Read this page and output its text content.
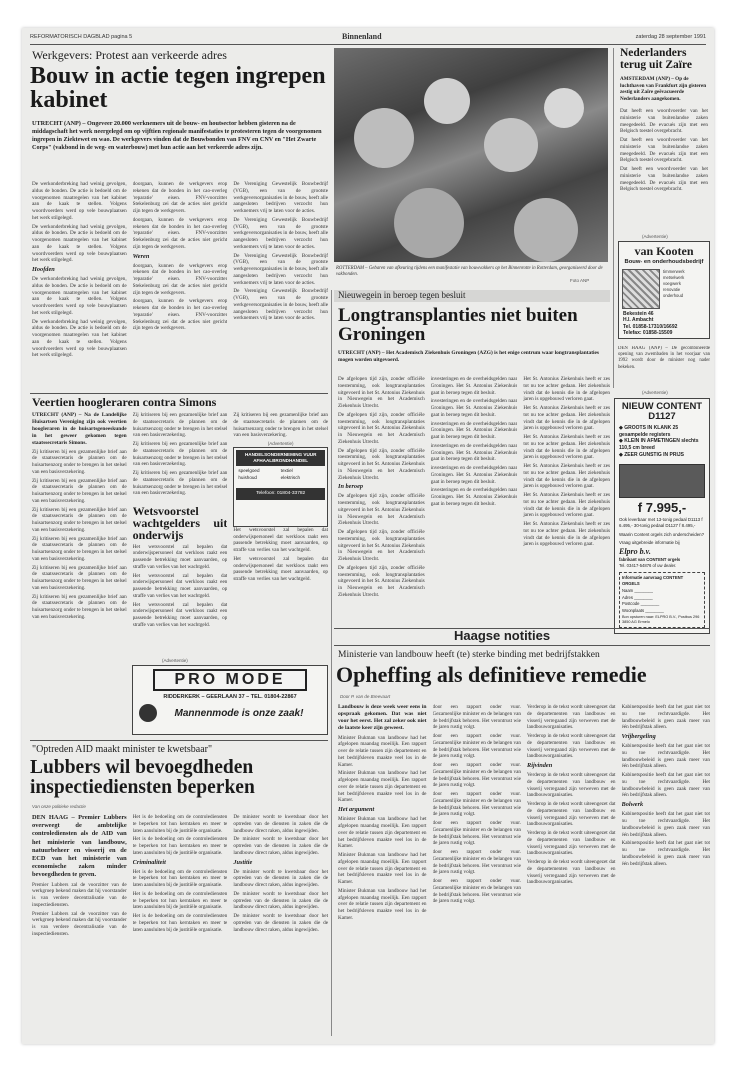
REFORMATORISCH DAGBLAD pagina 5	Binnenland	zaterdag 28 september 1991
Werkgevers: Protest aan verkeerde adres
Bouw in actie tegen ingrepen kabinet
UTRECHT (ANP) – Ongeveer 20.000 werknemers uit de bouw- en houtsector hebben gisteren na de middagschaft het werk neergelegd om op vijftien regionale manifestaties te protesteren tegen de voorgenomen ingrepen in Ziektewet en wao. De werkgevers vinden dat de Bouwbonden van FNV en CNV en "Het Zwarte Corps" (vakbond in de weg- en waterbouw) met hun actie aan het verkeerde adres zijn.

De werkonderbreking had weinig gevolgen, aldus de bonden. De actie is bedoeld om de voorgenomen maatregelen van het kabinet aan de kaak te stellen. Volgens woordvoerders werd op vele bouwplaatsen het werk stilgelegd.

De werkonderbreking had weinig gevolgen, aldus de bonden. De actie is bedoeld om de voorgenomen maatregelen van het kabinet aan de kaak te stellen. Volgens woordvoerders werd op vele bouwplaatsen het werk stilgelegd.

Hoofden

De werkonderbreking had weinig gevolgen, aldus de bonden. De actie is bedoeld om de voorgenomen maatregelen van het kabinet aan de kaak te stellen. Volgens woordvoerders werd op vele bouwplaatsen het werk stilgelegd.

De werkonderbreking had weinig gevolgen, aldus de bonden. De actie is bedoeld om de voorgenomen maatregelen van het kabinet aan de kaak te stellen. Volgens woordvoerders werd op vele bouwplaatsen het werk stilgelegd.

doorgaan, kunnen de werkgevers erop rekenen dat de bonden in het cao-overleg 'reparatie' eisen. FNV-voorzitter Stekelenburg zei dat de acties niet gericht zijn tegen de werkgevers.

doorgaan, kunnen de werkgevers erop rekenen dat de bonden in het cao-overleg 'reparatie' eisen. FNV-voorzitter Stekelenburg zei dat de acties niet gericht zijn tegen de werkgevers.

Weren

doorgaan, kunnen de werkgevers erop rekenen dat de bonden in het cao-overleg 'reparatie' eisen. FNV-voorzitter Stekelenburg zei dat de acties niet gericht zijn tegen de werkgevers.

doorgaan, kunnen de werkgevers erop rekenen dat de bonden in het cao-overleg 'reparatie' eisen. FNV-voorzitter Stekelenburg zei dat de acties niet gericht zijn tegen de werkgevers.

De Vereniging Gewestelijk Bouwbedrijf (VGB), een van de grootste werkgeversorganisaties in de bouw, heeft alle aangesloten bedrijven verzocht hun werknemers vrij te laten voor de acties.

De Vereniging Gewestelijk Bouwbedrijf (VGB), een van de grootste werkgeversorganisaties in de bouw, heeft alle aangesloten bedrijven verzocht hun werknemers vrij te laten voor de acties.

De Vereniging Gewestelijk Bouwbedrijf (VGB), een van de grootste werkgeversorganisaties in de bouw, heeft alle aangesloten bedrijven verzocht hun werknemers vrij te laten voor de acties.

De Vereniging Gewestelijk Bouwbedrijf (VGB), een van de grootste werkgeversorganisaties in de bouw, heeft alle aangesloten bedrijven verzocht hun werknemers vrij te laten voor de acties.

ROTTERDAM – Gebaren van afkeuring tijdens een manifestatie van bouwvakkers op het Binnenrotte in Rotterdam, georganiseerd door de vakbonden.
Foto ANP
Nederlanders terug uit Zaïre
AMSTERDAM (ANP) – Op de luchthaven van Frankfurt zijn gisteren zestig uit Zaïre geëvacueerde Nederlanders aangekomen.

Dat heeft een woordvoerder van het ministerie van buitenlandse zaken meegedeeld. De evacués zijn met een Belgisch toestel overgebracht.

Dat heeft een woordvoerder van het ministerie van buitenlandse zaken meegedeeld. De evacués zijn met een Belgisch toestel overgebracht.

Dat heeft een woordvoerder van het ministerie van buitenlandse zaken meegedeeld. De evacués zijn met een Belgisch toestel overgebracht.

(Advertentie)
van Kooten
Bouw- en onderhoudsbedrijf
timmerwerk
metselwerk
voegwerk
renovatie
onderhoud
Bekestein 46
H.I. Ambacht
Tel. 01858-17310/16692
Telefax: 01858-15509
DEN HAAG (ANP) – De gecombineerde opening van zwembaden in het voorjaar van 1992 wordt door de minister nog nader bekeken.
Nieuwegein in beroep tegen besluit
Longtransplanties niet buiten Groningen
UTRECHT (ANP) – Het Academisch Ziekenhuis Groningen (AZG) is het enige centrum waar longtransplantaties mogen worden uitgevoerd.

De afgelopen tijd zijn, zonder officiële toestemming, ook longtransplantaties uitgevoerd in het St. Antonius Ziekenhuis in Nieuwegein en het Academisch Ziekenhuis Utrecht.

De afgelopen tijd zijn, zonder officiële toestemming, ook longtransplantaties uitgevoerd in het St. Antonius Ziekenhuis in Nieuwegein en het Academisch Ziekenhuis Utrecht.

De afgelopen tijd zijn, zonder officiële toestemming, ook longtransplantaties uitgevoerd in het St. Antonius Ziekenhuis in Nieuwegein en het Academisch Ziekenhuis Utrecht.

In beroep

De afgelopen tijd zijn, zonder officiële toestemming, ook longtransplantaties uitgevoerd in het St. Antonius Ziekenhuis in Nieuwegein en het Academisch Ziekenhuis Utrecht.

De afgelopen tijd zijn, zonder officiële toestemming, ook longtransplantaties uitgevoerd in het St. Antonius Ziekenhuis in Nieuwegein en het Academisch Ziekenhuis Utrecht.

De afgelopen tijd zijn, zonder officiële toestemming, ook longtransplantaties uitgevoerd in het St. Antonius Ziekenhuis in Nieuwegein en het Academisch Ziekenhuis Utrecht.

investeringen en de overheidsgelden naar Groningen. Het St. Antonius Ziekenhuis gaat in beroep tegen dit besluit.

investeringen en de overheidsgelden naar Groningen. Het St. Antonius Ziekenhuis gaat in beroep tegen dit besluit.

investeringen en de overheidsgelden naar Groningen. Het St. Antonius Ziekenhuis gaat in beroep tegen dit besluit.

investeringen en de overheidsgelden naar Groningen. Het St. Antonius Ziekenhuis gaat in beroep tegen dit besluit.

investeringen en de overheidsgelden naar Groningen. Het St. Antonius Ziekenhuis gaat in beroep tegen dit besluit.

investeringen en de overheidsgelden naar Groningen. Het St. Antonius Ziekenhuis gaat in beroep tegen dit besluit.

Het St. Antonius Ziekenhuis heeft er zes tot nu toe achter gedaan. Het ziekenhuis vindt dat de kennis die in de afgelopen jaren is opgebouwd verloren gaat.

Het St. Antonius Ziekenhuis heeft er zes tot nu toe achter gedaan. Het ziekenhuis vindt dat de kennis die in de afgelopen jaren is opgebouwd verloren gaat.

Het St. Antonius Ziekenhuis heeft er zes tot nu toe achter gedaan. Het ziekenhuis vindt dat de kennis die in de afgelopen jaren is opgebouwd verloren gaat.

Het St. Antonius Ziekenhuis heeft er zes tot nu toe achter gedaan. Het ziekenhuis vindt dat de kennis die in de afgelopen jaren is opgebouwd verloren gaat.

Het St. Antonius Ziekenhuis heeft er zes tot nu toe achter gedaan. Het ziekenhuis vindt dat de kennis die in de afgelopen jaren is opgebouwd verloren gaat.

Het St. Antonius Ziekenhuis heeft er zes tot nu toe achter gedaan. Het ziekenhuis vindt dat de kennis die in de afgelopen jaren is opgebouwd verloren gaat.

(Advertentie)
NIEUW CONTENT D1127
◆ GROOTS IN KLANK 25 gesampelde registers
◆ KLEIN IN AFMETINGEN slechts 110,5 cm breed
◆ ZEER GUNSTIG IN PRIJS
f 7.995,-
Ook leverbaar met 13-tonig pedaal D1113 f 6.495,- 30-tonig pedaal D1127 f 8.495,-
Waarin Content orgels zich onderscheiden?
Vraag uitgebreide informatie bij
Elpro b.v.
fabrikant van CONTENT orgels
Tel. 03417-54876 of uw dealer.
Informatie aanvraag CONTENT ORGELS
Naam ________
Adres ________
Postcode ________
Woonplaats ________
Bon opsturen naar: ELPRO B.V., Postbus 296 3850 AG Ermelo
Veertien hoogleraren contra Simons

UTRECHT (ANP) – Na de Landelijke Huisartsen Vereniging zijn ook veertien hoogleraren in de huisartsgeneeskunde in het geweer gekomen tegen staatssecretaris Simons.

Zij kritiseren bij een gezamenlijke brief aan de staatssecretaris de plannen om de huisartsenzorg onder te brengen in het stelsel van een basisverzekering.

Zij kritiseren bij een gezamenlijke brief aan de staatssecretaris de plannen om de huisartsenzorg onder te brengen in het stelsel van een basisverzekering.

Zij kritiseren bij een gezamenlijke brief aan de staatssecretaris de plannen om de huisartsenzorg onder te brengen in het stelsel van een basisverzekering.

Zij kritiseren bij een gezamenlijke brief aan de staatssecretaris de plannen om de huisartsenzorg onder te brengen in het stelsel van een basisverzekering.

Zij kritiseren bij een gezamenlijke brief aan de staatssecretaris de plannen om de huisartsenzorg onder te brengen in het stelsel van een basisverzekering.

Zij kritiseren bij een gezamenlijke brief aan de staatssecretaris de plannen om de huisartsenzorg onder te brengen in het stelsel van een basisverzekering.

Zij kritiseren bij een gezamenlijke brief aan de staatssecretaris de plannen om de huisartsenzorg onder te brengen in het stelsel van een basisverzekering.

Zij kritiseren bij een gezamenlijke brief aan de staatssecretaris de plannen om de huisartsenzorg onder te brengen in het stelsel van een basisverzekering.

Zij kritiseren bij een gezamenlijke brief aan de staatssecretaris de plannen om de huisartsenzorg onder te brengen in het stelsel van een basisverzekering.

Wetsvoorstel wachtgelders uit onderwijs

Het wetsvoorstel zal bepalen dat onderwijspersoneel dat werkloos raakt een passende betrekking moet aanvaarden, op straffe van verlies van het wachtgeld.

Het wetsvoorstel zal bepalen dat onderwijspersoneel dat werkloos raakt een passende betrekking moet aanvaarden, op straffe van verlies van het wachtgeld.

Het wetsvoorstel zal bepalen dat onderwijspersoneel dat werkloos raakt een passende betrekking moet aanvaarden, op straffe van verlies van het wachtgeld.

Zij kritiseren bij een gezamenlijke brief aan de staatssecretaris de plannen om de huisartsenzorg onder te brengen in het stelsel van een basisverzekering.

(Advertentie)
HANDELSONDERNEMING VUUR AFHAALBRONDHANDEL
speelgoed	textiel
huishoud	elektrisch
Telefoon: 01804-33782

Het wetsvoorstel zal bepalen dat onderwijspersoneel dat werkloos raakt een passende betrekking moet aanvaarden, op straffe van verlies van het wachtgeld.

Het wetsvoorstel zal bepalen dat onderwijspersoneel dat werkloos raakt een passende betrekking moet aanvaarden, op straffe van verlies van het wachtgeld.

(Advertentie)
PRO MODE
RIDDERKERK – GEERLAAN 37 – TEL. 01804-22867
Mannenmode is onze zaak!
Haagse notities
Ministerie van landbouw heeft (te) sterke binding met bedrijfstakken
Opheffing als definitieve remedie
Door P. van de Breevaart

Landbouw is deze week weer eens in opspraak gekomen. Dat was niet voor het eerst. Het zal zeker ook niet de laatste keer zijn geweest.

Minister Bukman van landbouw had het afgelopen maandag moeilijk. Een rapport over de relatie tussen zijn departement en het bedrijfsleven maakte veel los in de Kamer.

Minister Bukman van landbouw had het afgelopen maandag moeilijk. Een rapport over de relatie tussen zijn departement en het bedrijfsleven maakte veel los in de Kamer.

Het argument

Minister Bukman van landbouw had het afgelopen maandag moeilijk. Een rapport over de relatie tussen zijn departement en het bedrijfsleven maakte veel los in de Kamer.

Minister Bukman van landbouw had het afgelopen maandag moeilijk. Een rapport over de relatie tussen zijn departement en het bedrijfsleven maakte veel los in de Kamer.

Minister Bukman van landbouw had het afgelopen maandag moeilijk. Een rapport over de relatie tussen zijn departement en het bedrijfsleven maakte veel los in de Kamer.

door een rapport onder vuur. Gezamenlijke minister en de belangen van de bedrijfstak behoren. Het verontrust wie de jaren rustig volgt.

door een rapport onder vuur. Gezamenlijke minister en de belangen van de bedrijfstak behoren. Het verontrust wie de jaren rustig volgt.

door een rapport onder vuur. Gezamenlijke minister en de belangen van de bedrijfstak behoren. Het verontrust wie de jaren rustig volgt.

door een rapport onder vuur. Gezamenlijke minister en de belangen van de bedrijfstak behoren. Het verontrust wie de jaren rustig volgt.

door een rapport onder vuur. Gezamenlijke minister en de belangen van de bedrijfstak behoren. Het verontrust wie de jaren rustig volgt.

door een rapport onder vuur. Gezamenlijke minister en de belangen van de bedrijfstak behoren. Het verontrust wie de jaren rustig volgt.

door een rapport onder vuur. Gezamenlijke minister en de belangen van de bedrijfstak behoren. Het verontrust wie de jaren rustig volgt.

Verderop in de tekst wordt uiteengezet dat de departementen van landbouw en visserij verregaand zijn verweven met de landbouworganisaties.

Verderop in de tekst wordt uiteengezet dat de departementen van landbouw en visserij verregaand zijn verweven met de landbouworganisaties.

Rijvinden

Verderop in de tekst wordt uiteengezet dat de departementen van landbouw en visserij verregaand zijn verweven met de landbouworganisaties.

Verderop in de tekst wordt uiteengezet dat de departementen van landbouw en visserij verregaand zijn verweven met de landbouworganisaties.

Verderop in de tekst wordt uiteengezet dat de departementen van landbouw en visserij verregaand zijn verweven met de landbouworganisaties.

Verderop in de tekst wordt uiteengezet dat de departementen van landbouw en visserij verregaand zijn verweven met de landbouworganisaties.

Kabinetspositie heeft dat het gaat niet tot nu toe rechtvaardigde. Het landbouwbeleid is geen zaak meer van één bedrijfstak alleen.

Vrijbergeling

Kabinetspositie heeft dat het gaat niet tot nu toe rechtvaardigde. Het landbouwbeleid is geen zaak meer van één bedrijfstak alleen.

Kabinetspositie heeft dat het gaat niet tot nu toe rechtvaardigde. Het landbouwbeleid is geen zaak meer van één bedrijfstak alleen.

Bolwerk

Kabinetspositie heeft dat het gaat niet tot nu toe rechtvaardigde. Het landbouwbeleid is geen zaak meer van één bedrijfstak alleen.

Kabinetspositie heeft dat het gaat niet tot nu toe rechtvaardigde. Het landbouwbeleid is geen zaak meer van één bedrijfstak alleen.

"Optreden AID maakt minister te kwetsbaar"
Lubbers wil bevoegdheden inspectiediensten beperken
Van onze politieke redactie

DEN HAAG – Premier Lubbers overweegt de ambtelijke controlediensten als de AID van het ministerie van landbouw, natuurbeheer en visserij en de ECD van het ministerie van economische zaken minder bevoegdheden te geven.

Premier Lubbers zal de voorzitter van de werkgroep bekend maken dat hij voorstander is van verdere decentralisatie van de inspectiediensten.

Premier Lubbers zal de voorzitter van de werkgroep bekend maken dat hij voorstander is van verdere decentralisatie van de inspectiediensten.

Het is de bedoeling om de controlediensten te beperken tot hun kerntaken en meer te laten aansluiten bij de justitiële organisatie.

Het is de bedoeling om de controlediensten te beperken tot hun kerntaken en meer te laten aansluiten bij de justitiële organisatie.

Criminaliteit

Het is de bedoeling om de controlediensten te beperken tot hun kerntaken en meer te laten aansluiten bij de justitiële organisatie.

Het is de bedoeling om de controlediensten te beperken tot hun kerntaken en meer te laten aansluiten bij de justitiële organisatie.

Het is de bedoeling om de controlediensten te beperken tot hun kerntaken en meer te laten aansluiten bij de justitiële organisatie.

De minister wordt te kwetsbaar door het optreden van de diensten in zaken die de landbouw direct raken, aldus ingewijden.

De minister wordt te kwetsbaar door het optreden van de diensten in zaken die de landbouw direct raken, aldus ingewijden.

Justitie

De minister wordt te kwetsbaar door het optreden van de diensten in zaken die de landbouw direct raken, aldus ingewijden.

De minister wordt te kwetsbaar door het optreden van de diensten in zaken die de landbouw direct raken, aldus ingewijden.

De minister wordt te kwetsbaar door het optreden van de diensten in zaken die de landbouw direct raken, aldus ingewijden.
